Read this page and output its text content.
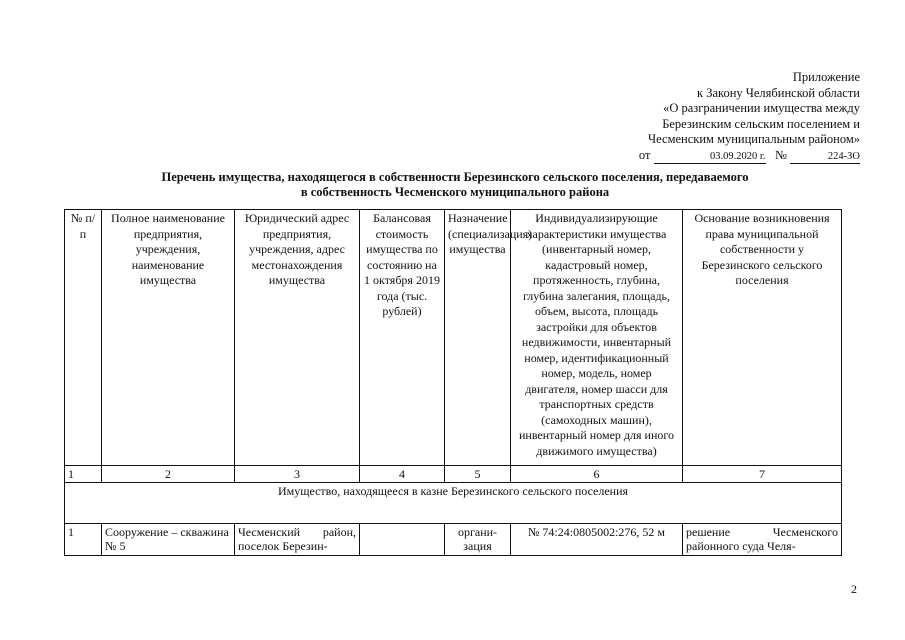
Приложение
к Закону Челябинской области
«О разграничении имущества между
Березинским сельским поселением и
Чесменским муниципальным районом»
от	03.09.2020 г. №	224-ЗО
Перечень имущества, находящегося в собственности Березинского сельского поселения, передаваемого
в собственность Чесменского муниципального района
№ п/п	Полное наименование предприятия, учреждения, наименование имущества	Юридический адрес предприятия, учреждения, адрес местонахождения имущества	Балансовая стоимость имущества по состоянию на 1 октября 2019 года (тыс. рублей)	Назначение (специализация) имущества	Индивидуализирующие характеристики имущества (инвентарный номер, кадастровый номер, протяженность, глубина, глубина залегания, площадь, объем, высота, площадь застройки для объектов недвижимости, инвентарный номер, идентификационный номер, модель, номер двигателя, номер шасси для транспортных средств (самоходных машин), инвентарный номер для иного движимого имущества)	Основание возникновения права муниципальной собственности у Березинского сельского поселения
1	2	3	4	5	6	7
Имущество, находящееся в казне Березинского сельского поселения						
1	Сооружение – скважина № 5	Чесменский район, поселок Березин-		органи-зация	№ 74:24:0805002:276, 52 м	решение Чесменского районного суда Челя-
2
